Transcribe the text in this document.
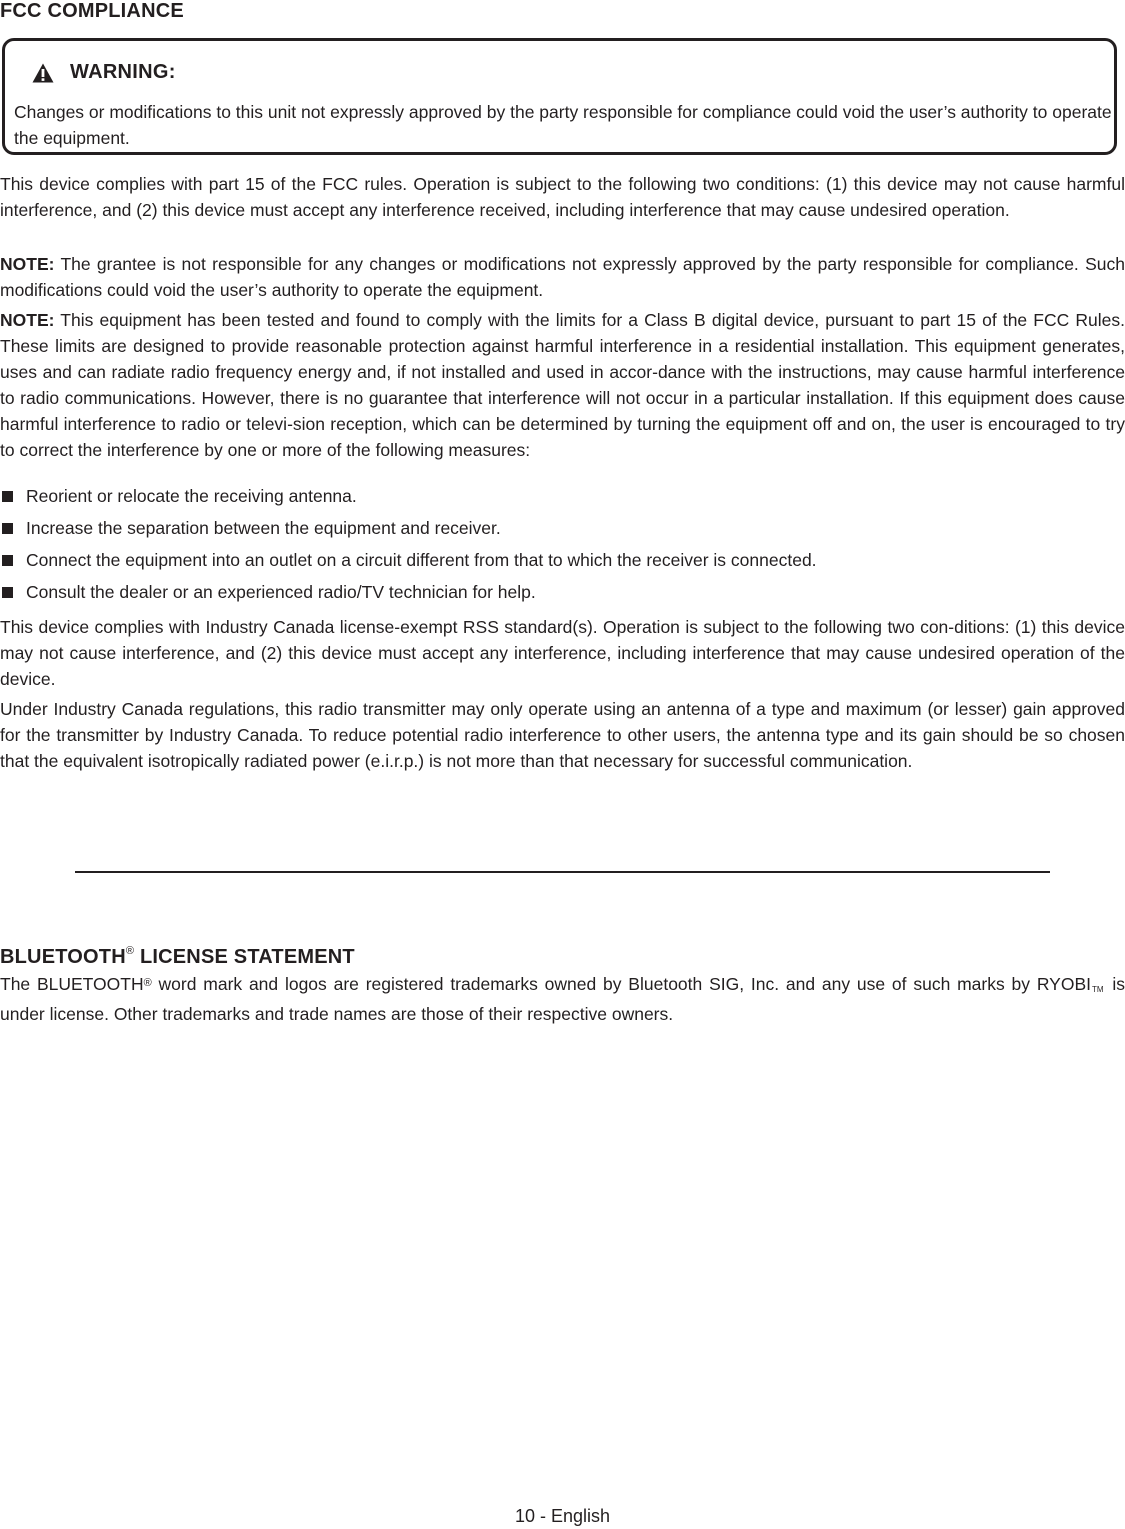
FCC COMPLIANCE
WARNING:

Changes or modifications to this unit not expressly approved by the party responsible for compliance could void the user’s authority to operate the equipment.

This device complies with part 15 of the FCC rules. Operation is subject to the following two conditions: (1) this device may not cause harmful interference, and (2) this device must accept any interference received, including interference that may cause undesired operation.

NOTE: The grantee is not responsible for any changes or modifications not expressly approved by the party responsible for compliance. Such modifications could void the user’s authority to operate the equipment.

NOTE: This equipment has been tested and found to comply with the limits for a Class B digital device, pursuant to part 15 of the FCC Rules. These limits are designed to provide reasonable protection against harmful interference in a residential installation. This equipment generates, uses and can radiate radio frequency energy and, if not installed and used in accor-dance with the instructions, may cause harmful interference to radio communications. However, there is no guarantee that interference will not occur in a particular installation. If this equipment does cause harmful interference to radio or televi-sion reception, which can be determined by turning the equipment off and on, the user is encouraged to try to correct the interference by one or more of the following measures:

Reorient or relocate the receiving antenna.
Increase the separation between the equipment and receiver.
Connect the equipment into an outlet on a circuit different from that to which the receiver is connected.
Consult the dealer or an experienced radio/TV technician for help.

This device complies with Industry Canada license-exempt RSS standard(s). Operation is subject to the following two con-ditions: (1) this device may not cause interference, and (2) this device must accept any interference, including interference that may cause undesired operation of the device.

Under Industry Canada regulations, this radio transmitter may only operate using an antenna of a type and maximum (or lesser) gain approved for the transmitter by Industry Canada. To reduce potential radio interference to other users, the antenna type and its gain should be so chosen that the equivalent isotropically radiated power (e.i.r.p.) is not more than that necessary for successful communication.

BLUETOOTH® LICENSE STATEMENT

The BLUETOOTH® word mark and logos are registered trademarks owned by Bluetooth SIG, Inc. and any use of such marks by $RYOBI_{TM}$ is under license. Other trademarks and trade names are those of their respective owners.

10 - English
